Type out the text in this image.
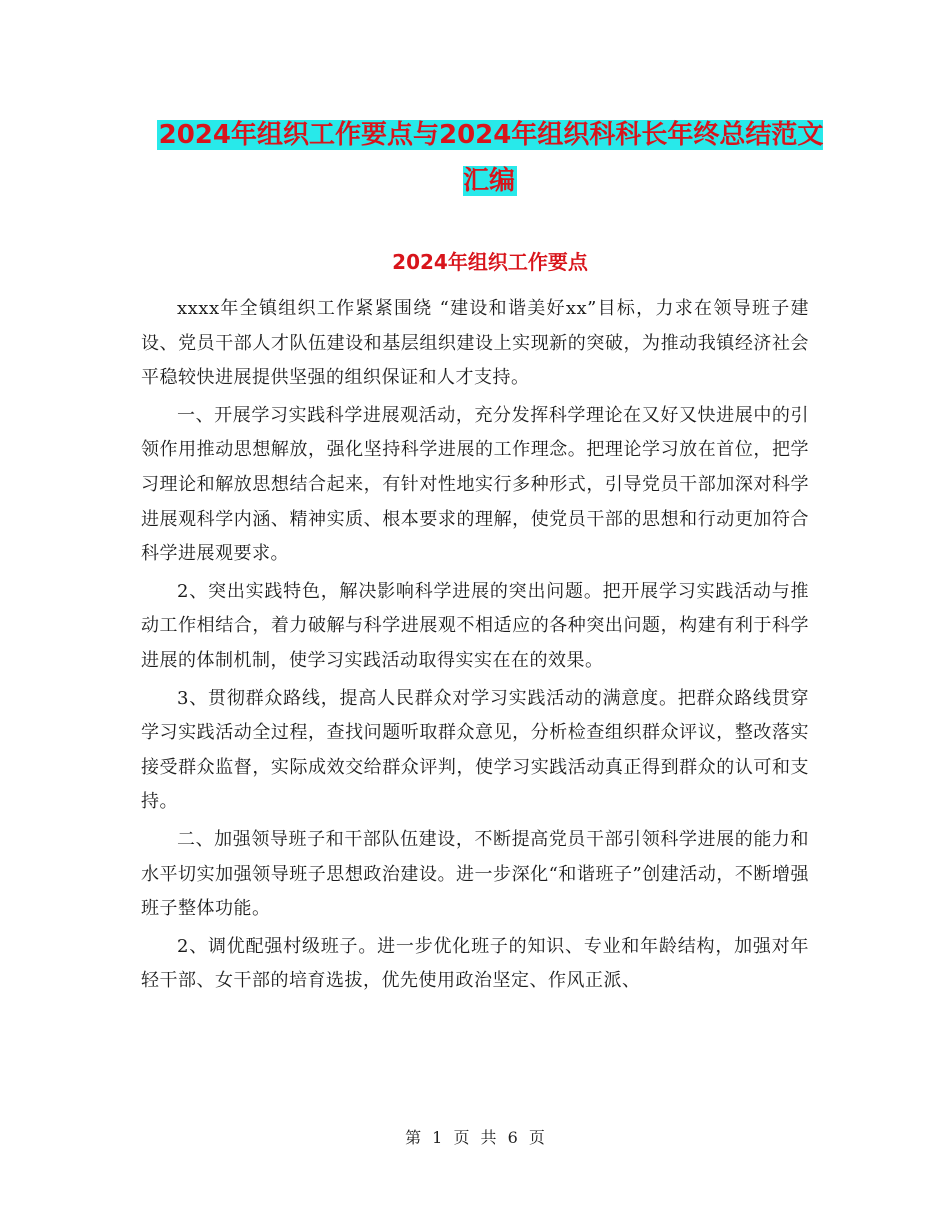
2024年组织工作要点与2024年组织科科长年终总结范文汇编
2024年组织工作要点

xxxx年全镇组织工作紧紧围绕 “建设和谐美好xx”目标，力求在领导班子建设、党员干部人才队伍建设和基层组织建设上实现新的突破，为推动我镇经济社会平稳较快进展提供坚强的组织保证和人才支持。

一、开展学习实践科学进展观活动，充分发挥科学理论在又好又快进展中的引领作用推动思想解放，强化坚持科学进展的工作理念。把理论学习放在首位，把学习理论和解放思想结合起来，有针对性地实行多种形式，引导党员干部加深对科学进展观科学内涵、精神实质、根本要求的理解，使党员干部的思想和行动更加符合科学进展观要求。

2、突出实践特色，解决影响科学进展的突出问题。把开展学习实践活动与推动工作相结合，着力破解与科学进展观不相适应的各种突出问题，构建有利于科学进展的体制机制，使学习实践活动取得实实在在的效果。

3、贯彻群众路线，提高人民群众对学习实践活动的满意度。把群众路线贯穿学习实践活动全过程，查找问题听取群众意见，分析检查组织群众评议，整改落实接受群众监督，实际成效交给群众评判，使学习实践活动真正得到群众的认可和支持。

二、加强领导班子和干部队伍建设，不断提高党员干部引领科学进展的能力和水平切实加强领导班子思想政治建设。进一步深化“和谐班子”创建活动，不断增强班子整体功能。

2、调优配强村级班子。进一步优化班子的知识、专业和年龄结构，加强对年轻干部、女干部的培育选拔，优先使用政治坚定、作风正派、

第 1 页 共 6 页
